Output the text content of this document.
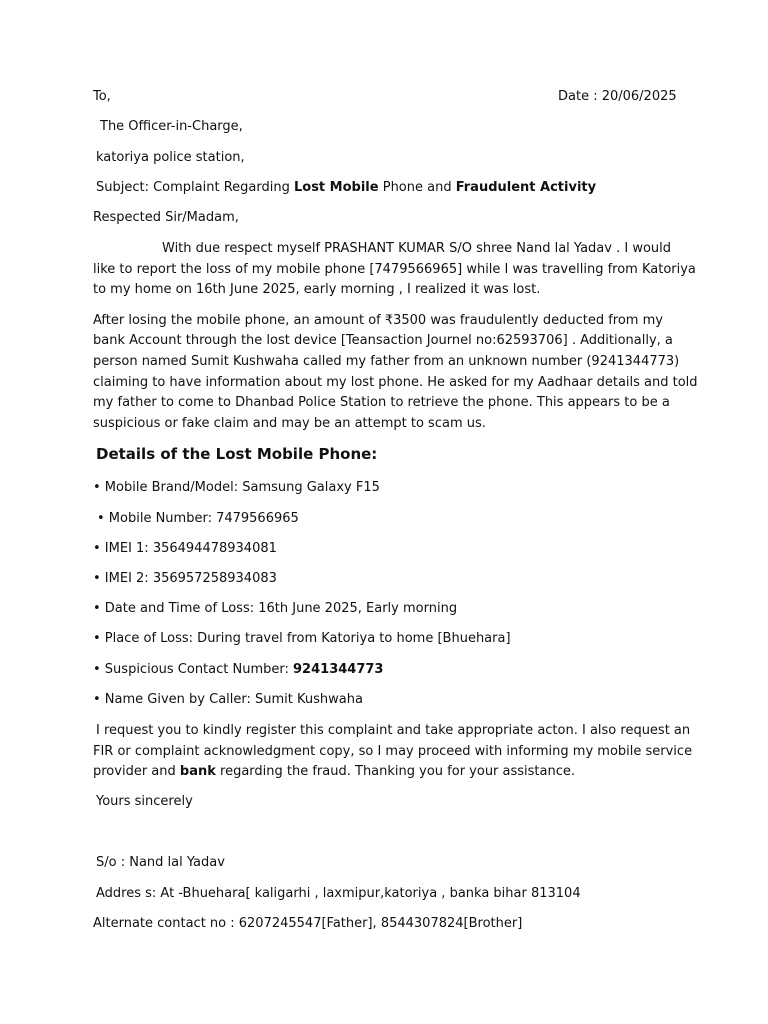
To,	Date : 20/06/2025
The Officer-in-Charge,
katoriya police station,
Subject: Complaint Regarding Lost Mobile Phone and Fraudulent Activity
Respected Sir/Madam,
With due respect myself PRASHANT KUMAR S/O shree Nand lal Yadav . I would
like to report the loss of my mobile phone [7479566965] while I was travelling from Katoriya
to my home on 16th June 2025, early morning , I realized it was lost.
After losing the mobile phone, an amount of ₹3500 was fraudulently deducted from my
bank Account through the lost device [Teansaction Journel no:62593706] . Additionally, a
person named Sumit Kushwaha called my father from an unknown number (9241344773)
claiming to have information about my lost phone. He asked for my Aadhaar details and told
my father to come to Dhanbad Police Station to retrieve the phone. This appears to be a
suspicious or fake claim and may be an attempt to scam us.
Details of the Lost Mobile Phone:
• Mobile Brand/Model: Samsung Galaxy F15
• Mobile Number: 7479566965
• IMEI 1: 356494478934081
• IMEI 2: 356957258934083
• Date and Time of Loss: 16th June 2025, Early morning
• Place of Loss: During travel from Katoriya to home [Bhuehara]
• Suspicious Contact Number: 9241344773
• Name Given by Caller: Sumit Kushwaha
I request you to kindly register this complaint and take appropriate acton. I also request an
FIR or complaint acknowledgment copy, so I may proceed with informing my mobile service
provider and bank regarding the fraud. Thanking you for your assistance.
Yours sincerely
S/o : Nand lal Yadav
Addres s: At -Bhuehara[ kaligarhi , laxmipur,katoriya , banka bihar 813104
Alternate contact no : 6207245547[Father], 8544307824[Brother]
